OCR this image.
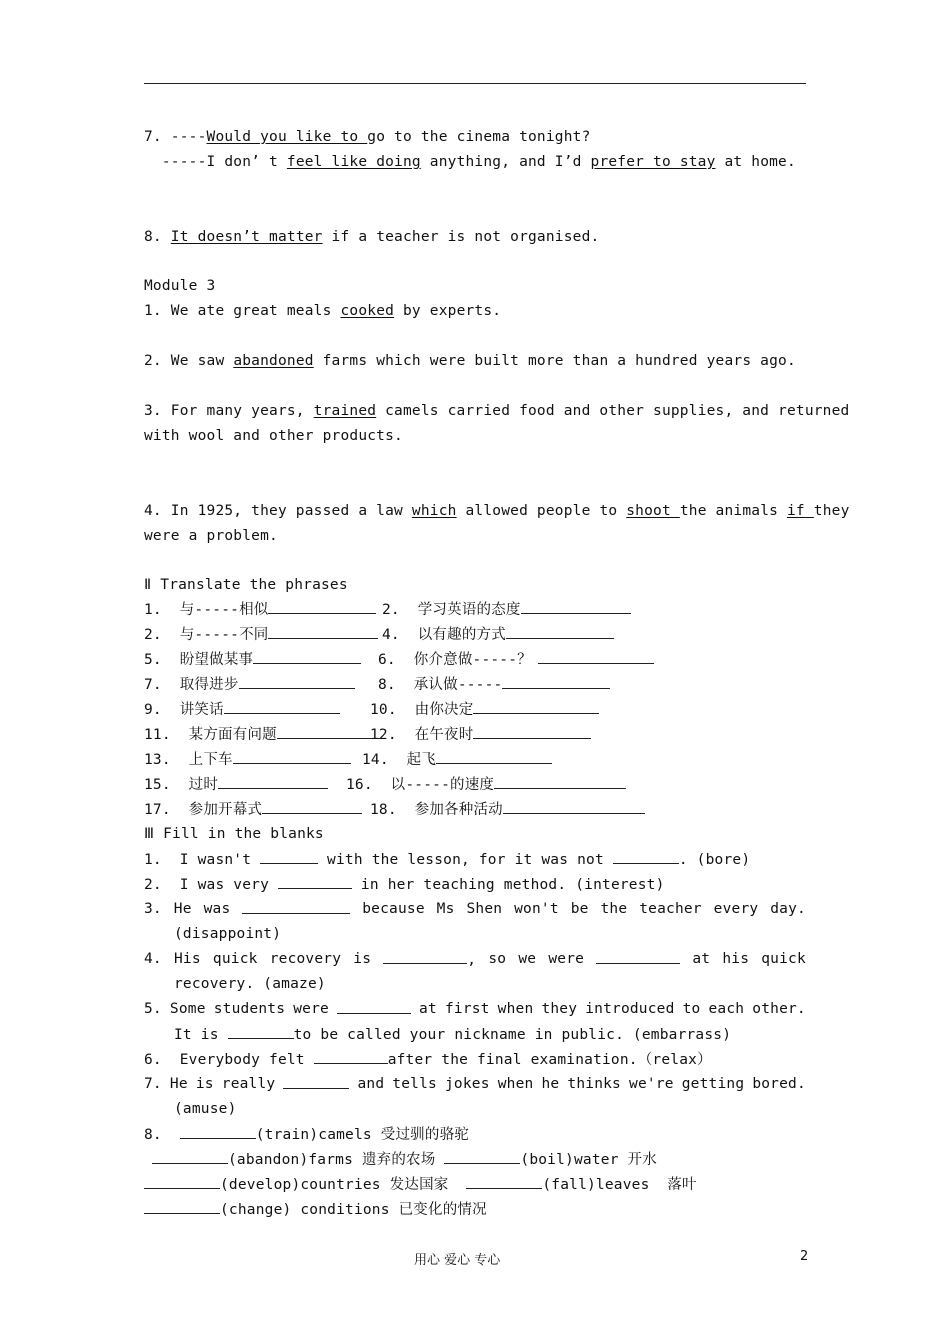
7. ----Would you like to go to the cinema tonight?
-----I don’ t feel like doing anything, and I’d prefer to stay at home.
8. It doesn’t matter if a teacher is not organised.
Module 3
1. We ate great meals cooked by experts.
2. We saw abandoned farms which were built more than a hundred years ago.
3. For many years, trained camels carried food and other supplies, and returned
with wool and other products.
4. In 1925, they passed a law which allowed people to shoot the animals if they
were a problem.
Ⅱ Translate the phrases
1.  与-----相似	2.  学习英语的态度
2.  与-----不同	4.  以有趣的方式
5.  盼望做某事	6.  你介意做-----？
7.  取得进步	8.  承认做-----
9.  讲笑话	10.  由你决定
11.  某方面有问题	12.  在午夜时
13.  上下车	14.  起飞
15.  过时	16.  以-----的速度
17.  参加开幕式	18.  参加各种活动
Ⅲ Fill in the blanks
1.  I wasn't	with the lesson, for it was not	. (bore)
2.  I was very	in her teaching method. (interest)
3. He was	because Ms Shen won't be the teacher every day.
(disappoint)
4. His quick recovery is	, so we were	at his quick
recovery. (amaze)
5. Some students were	at first when they introduced to each other.
It is	to be called your nickname in public. (embarrass)
6.  Everybody felt	after the final examination.（relax）
7. He is really	and tells jokes when he thinks we're getting bored.
(amuse)
8.	(train)camels 受过驯的骆驼
(abandon)farms 遗弃的农场	(boil)water 开水
(develop)countries 发达国家	(fall)leaves  落叶
(change) conditions 已变化的情况
用心 爱心 专心	2
